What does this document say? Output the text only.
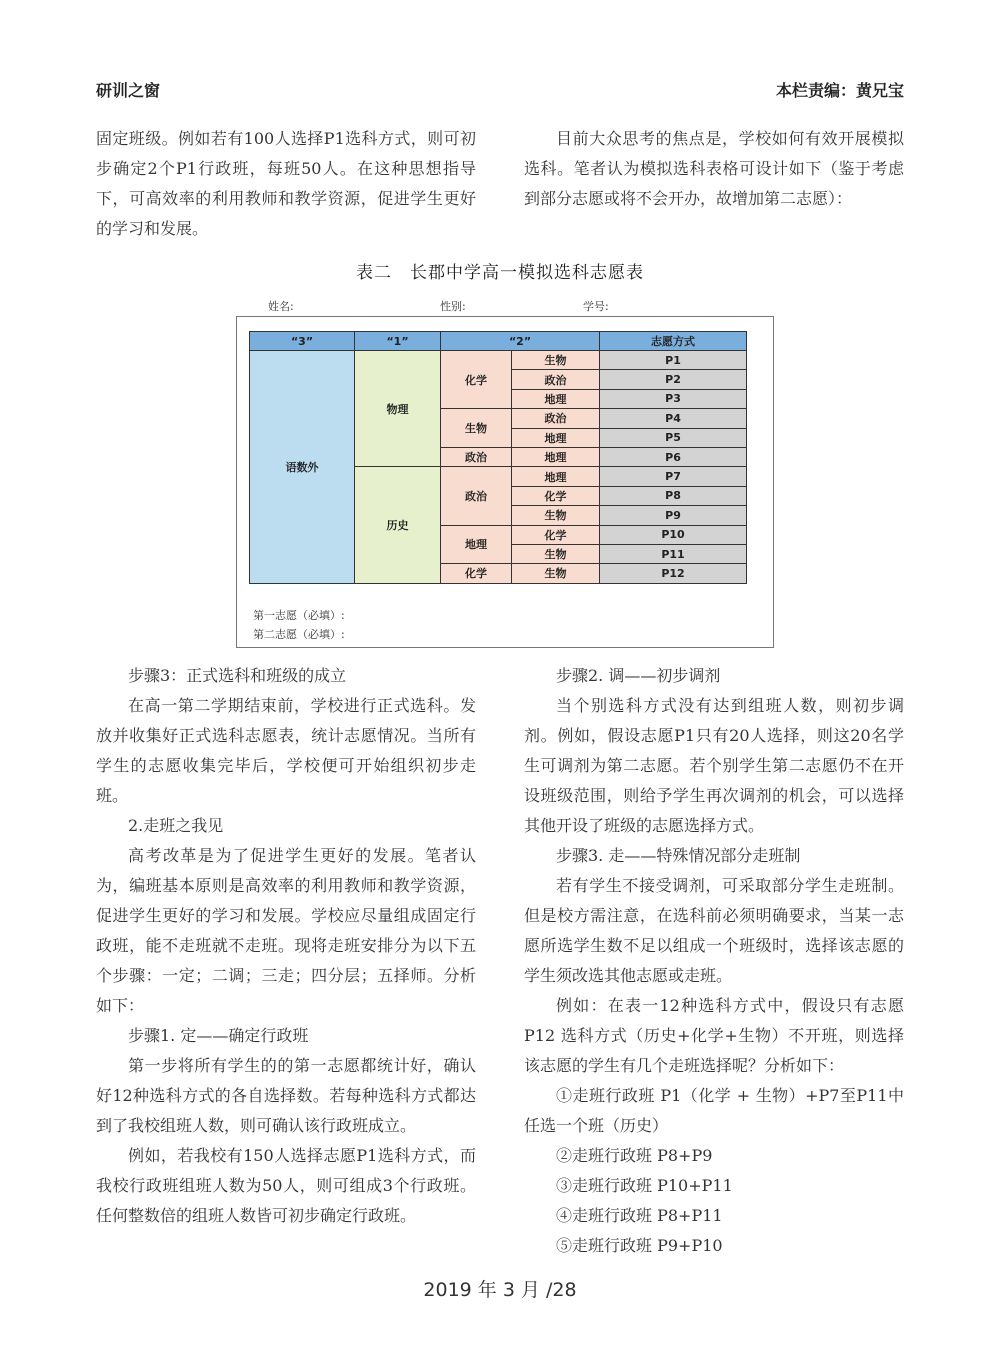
研训之窗	本栏责编：黄兄宝

固定班级。例如若有100人选择P1选科方式，则可初步确定2个P1行政班，每班50人。在这种思想指导下，可高效率的利用教师和教学资源，促进学生更好的学习和发展。

目前大众思考的焦点是，学校如何有效开展模拟选科。笔者认为模拟选科表格可设计如下（鉴于考虑到部分志愿或将不会开办，故增加第二志愿）：

表二　长郡中学高一模拟选科志愿表
姓名:	性别:	学号:
“3”	“1”	“2”		志愿方式
语数外	物理	化学	生物	P1
			政治	P2
			地理	P3
		生物	政治	P4
			地理	P5
		政治	地理	P6
	历史	政治	地理	P7
			化学	P8
			生物	P9
		地理	化学	P10
			生物	P11
		化学	生物	P12
第一志愿（必填）:
第二志愿（必填）:

步骤3：正式选科和班级的成立

在高一第二学期结束前，学校进行正式选科。发放并收集好正式选科志愿表，统计志愿情况。当所有学生的志愿收集完毕后，学校便可开始组织初步走班。

2.走班之我见

高考改革是为了促进学生更好的发展。笔者认为，编班基本原则是高效率的利用教师和教学资源，促进学生更好的学习和发展。学校应尽量组成固定行政班，能不走班就不走班。现将走班安排分为以下五个步骤：一定；二调；三走；四分层；五择师。分析如下：

步骤1. 定——确定行政班

第一步将所有学生的的第一志愿都统计好，确认好12种选科方式的各自选择数。若每种选科方式都达到了我校组班人数，则可确认该行政班成立。

例如，若我校有150人选择志愿P1选科方式，而我校行政班组班人数为50人，则可组成3个行政班。任何整数倍的组班人数皆可初步确定行政班。

步骤2. 调——初步调剂

当个别选科方式没有达到组班人数，则初步调剂。例如，假设志愿P1只有20人选择，则这20名学生可调剂为第二志愿。若个别学生第二志愿仍不在开设班级范围，则给予学生再次调剂的机会，可以选择其他开设了班级的志愿选择方式。

步骤3. 走——特殊情况部分走班制

若有学生不接受调剂，可采取部分学生走班制。但是校方需注意，在选科前必须明确要求，当某一志愿所选学生数不足以组成一个班级时，选择该志愿的学生须改选其他志愿或走班。

例如：在表一12种选科方式中，假设只有志愿P12 选科方式（历史+化学+生物）不开班，则选择该志愿的学生有几个走班选择呢？分析如下：

①走班行政班 P1（化学 + 生物）+P7至P11中任选一个班（历史）

②走班行政班 P8+P9

③走班行政班 P10+P11

④走班行政班 P8+P11

⑤走班行政班 P9+P10

2019 年 3 月 /28
